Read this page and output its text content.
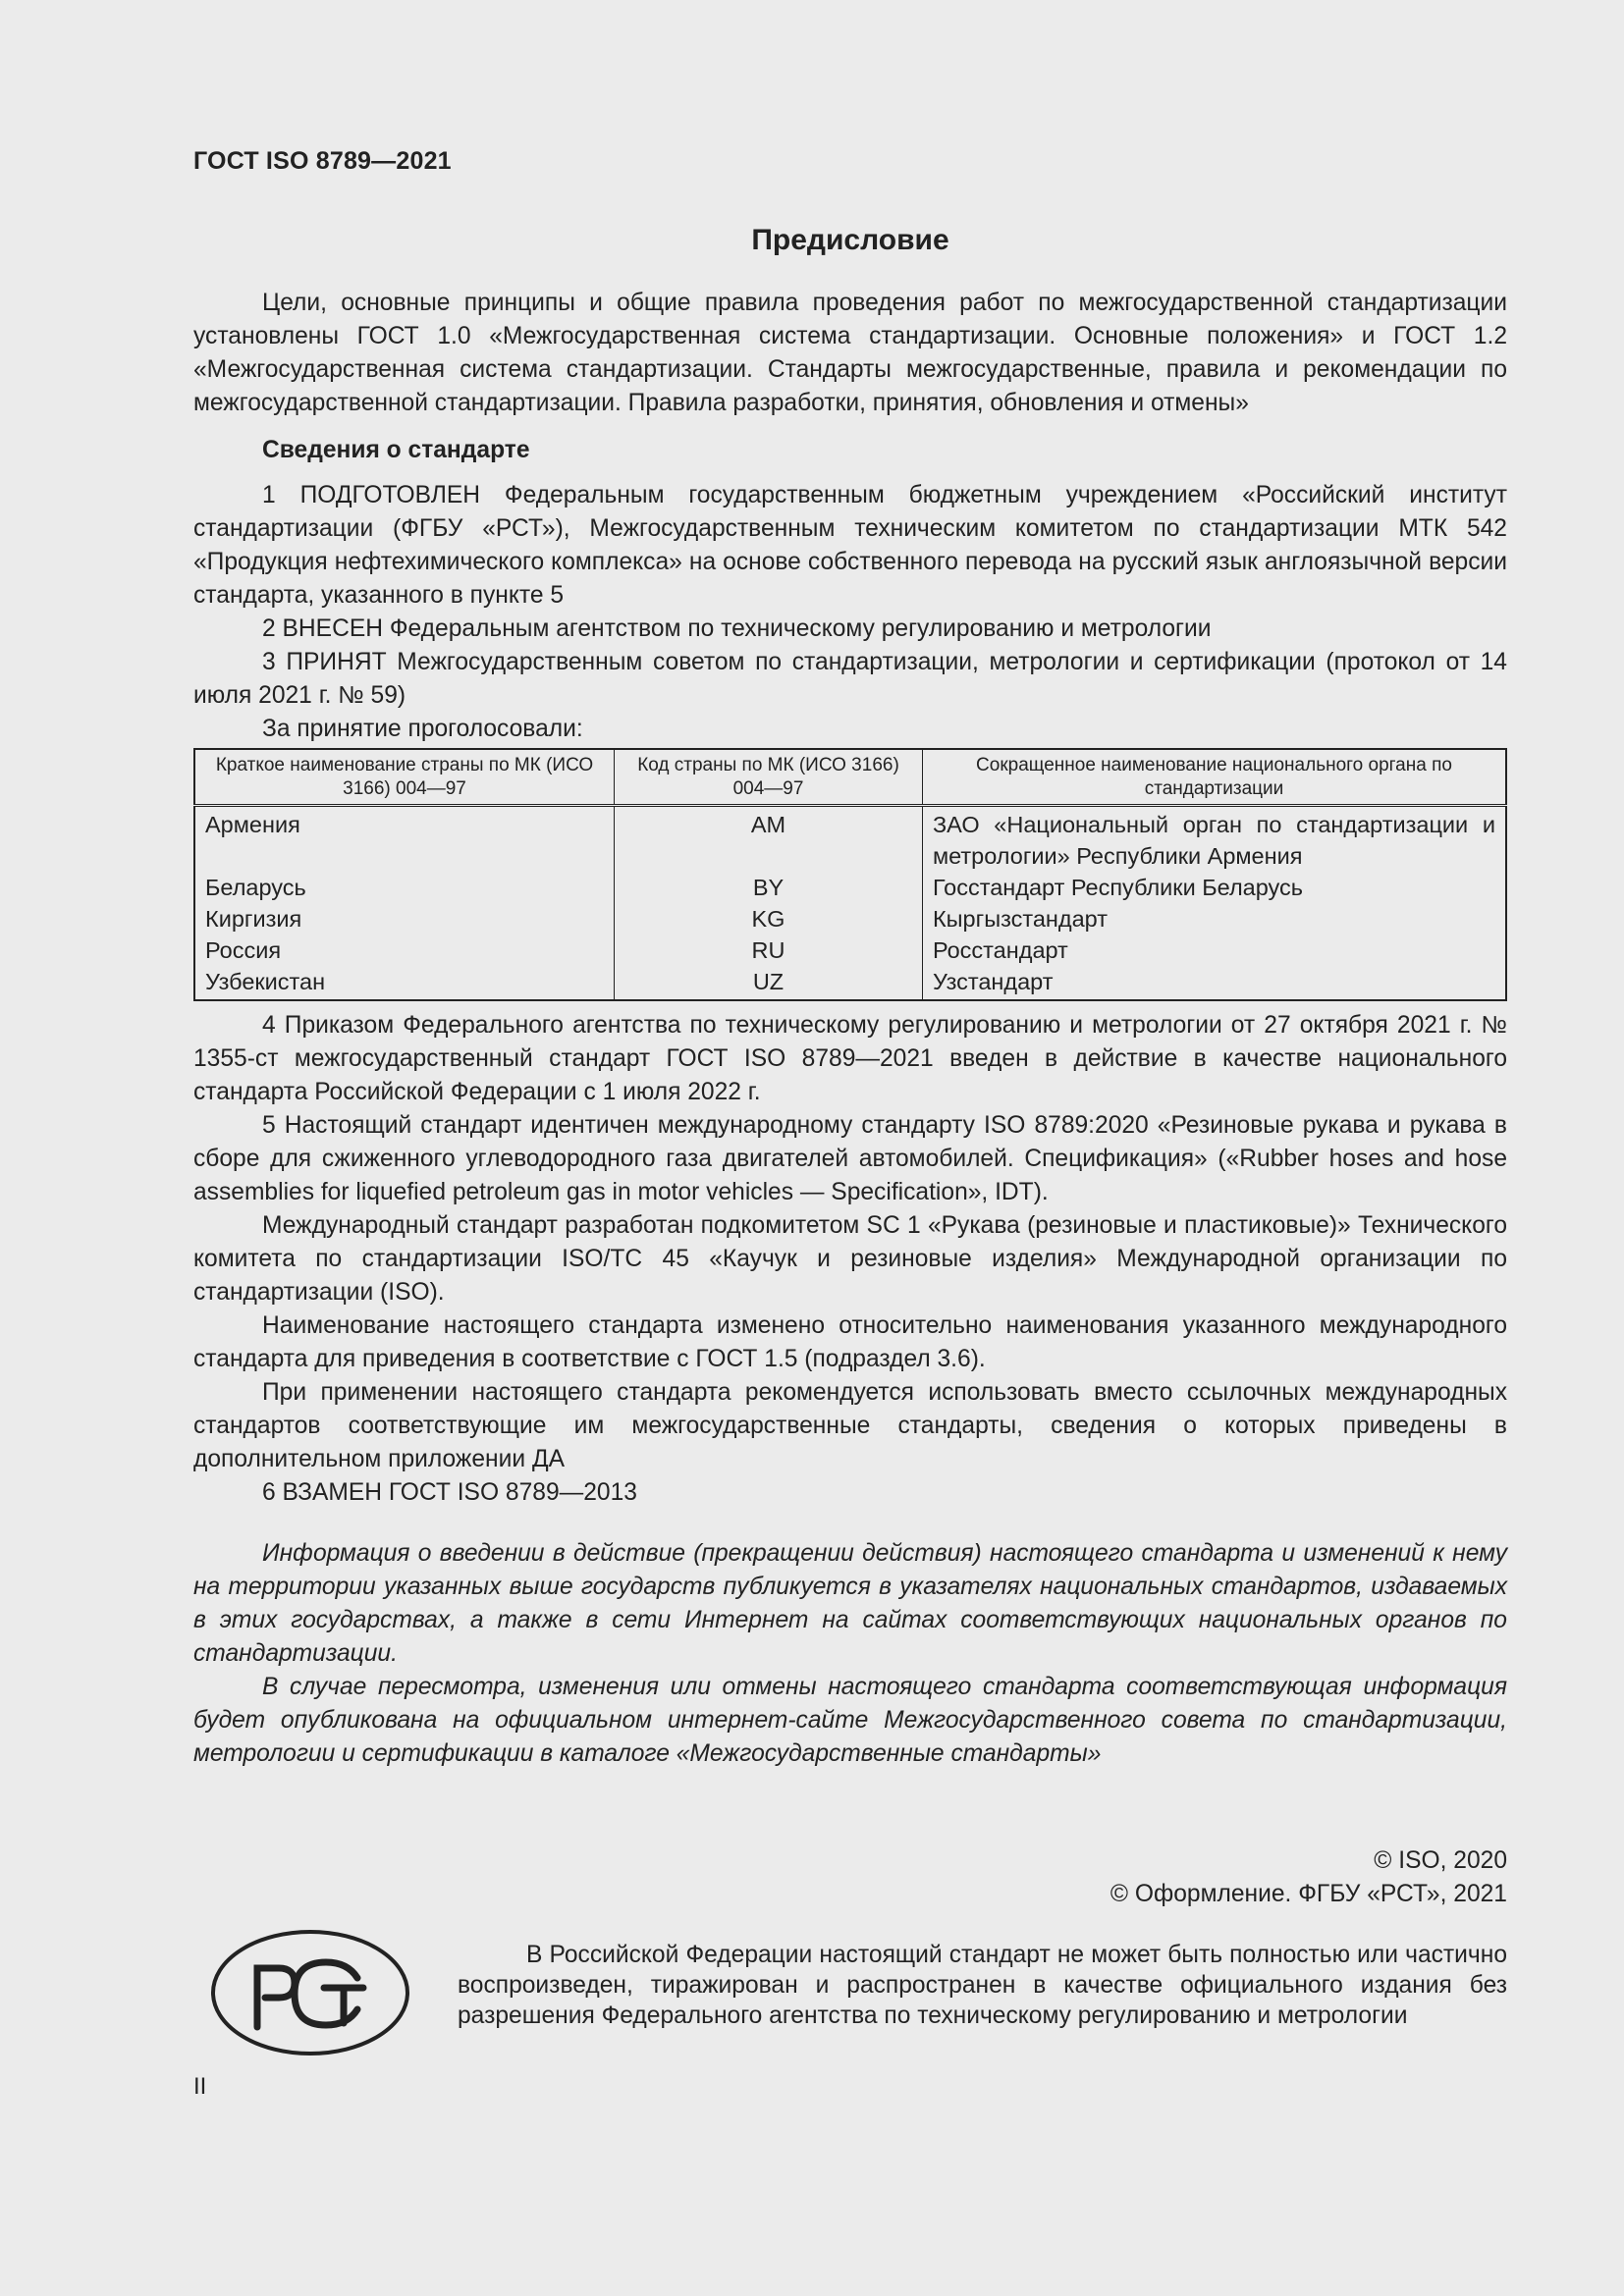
ГОСТ ISO 8789—2021
Предисловие

Цели, основные принципы и общие правила проведения работ по межгосударственной стандартизации установлены ГОСТ 1.0 «Межгосударственная система стандартизации. Основные положения» и ГОСТ 1.2 «Межгосударственная система стандартизации. Стандарты межгосударственные, правила и рекомендации по межгосударственной стандартизации. Правила разработки, принятия, обновления и отмены»

Сведения о стандарте

1 ПОДГОТОВЛЕН Федеральным государственным бюджетным учреждением «Российский институт стандартизации (ФГБУ «РСТ»), Межгосударственным техническим комитетом по стандартизации МТК 542 «Продукция нефтехимического комплекса» на основе собственного перевода на русский язык англоязычной версии стандарта, указанного в пункте 5

2 ВНЕСЕН Федеральным агентством по техническому регулированию и метрологии

3 ПРИНЯТ Межгосударственным советом по стандартизации, метрологии и сертификации (протокол от 14 июля 2021 г. № 59)

За принятие проголосовали:

Краткое наименование страны по МК (ИСО 3166) 004—97	Код страны по МК (ИСО 3166) 004—97	Сокращенное наименование национального органа по стандартизации
Армения	AM	ЗАО «Национальный орган по стандартизации и метрологии» Республики Армения
Беларусь	BY	Госстандарт Республики Беларусь
Киргизия	KG	Кыргызстандарт
Россия	RU	Росстандарт
Узбекистан	UZ	Узстандарт

4 Приказом Федерального агентства по техническому регулированию и метрологии от 27 октября 2021 г. № 1355-ст межгосударственный стандарт ГОСТ ISO 8789—2021 введен в действие в качестве национального стандарта Российской Федерации с 1 июля 2022 г.

5 Настоящий стандарт идентичен международному стандарту ISO 8789:2020 «Резиновые рукава и рукава в сборе для сжиженного углеводородного газа двигателей автомобилей. Спецификация» («Rubber hoses and hose assemblies for liquefied petroleum gas in motor vehicles — Specification», IDT).

Международный стандарт разработан подкомитетом SC 1 «Рукава (резиновые и пластиковые)» Технического комитета по стандартизации ISO/TC 45 «Каучук и резиновые изделия» Международной организации по стандартизации (ISO).

Наименование настоящего стандарта изменено относительно наименования указанного международного стандарта для приведения в соответствие с ГОСТ 1.5 (подраздел 3.6).

При применении настоящего стандарта рекомендуется использовать вместо ссылочных международных стандартов соответствующие им межгосударственные стандарты, сведения о которых приведены в дополнительном приложении ДА

6 ВЗАМЕН ГОСТ ISO 8789—2013

Информация о введении в действие (прекращении действия) настоящего стандарта и изменений к нему на территории указанных выше государств публикуется в указателях национальных стандартов, издаваемых в этих государствах, а также в сети Интернет на сайтах соответствующих национальных органов по стандартизации.

В случае пересмотра, изменения или отмены настоящего стандарта соответствующая информация будет опубликована на официальном интернет-сайте Межгосударственного совета по стандартизации, метрологии и сертификации в каталоге «Межгосударственные стандарты»

© ISO, 2020
© Оформление. ФГБУ «РСТ», 2021

В Российской Федерации настоящий стандарт не может быть полностью или частично воспроизведен, тиражирован и распространен в качестве официального издания без разрешения Федерального агентства по техническому регулированию и метрологии

II
